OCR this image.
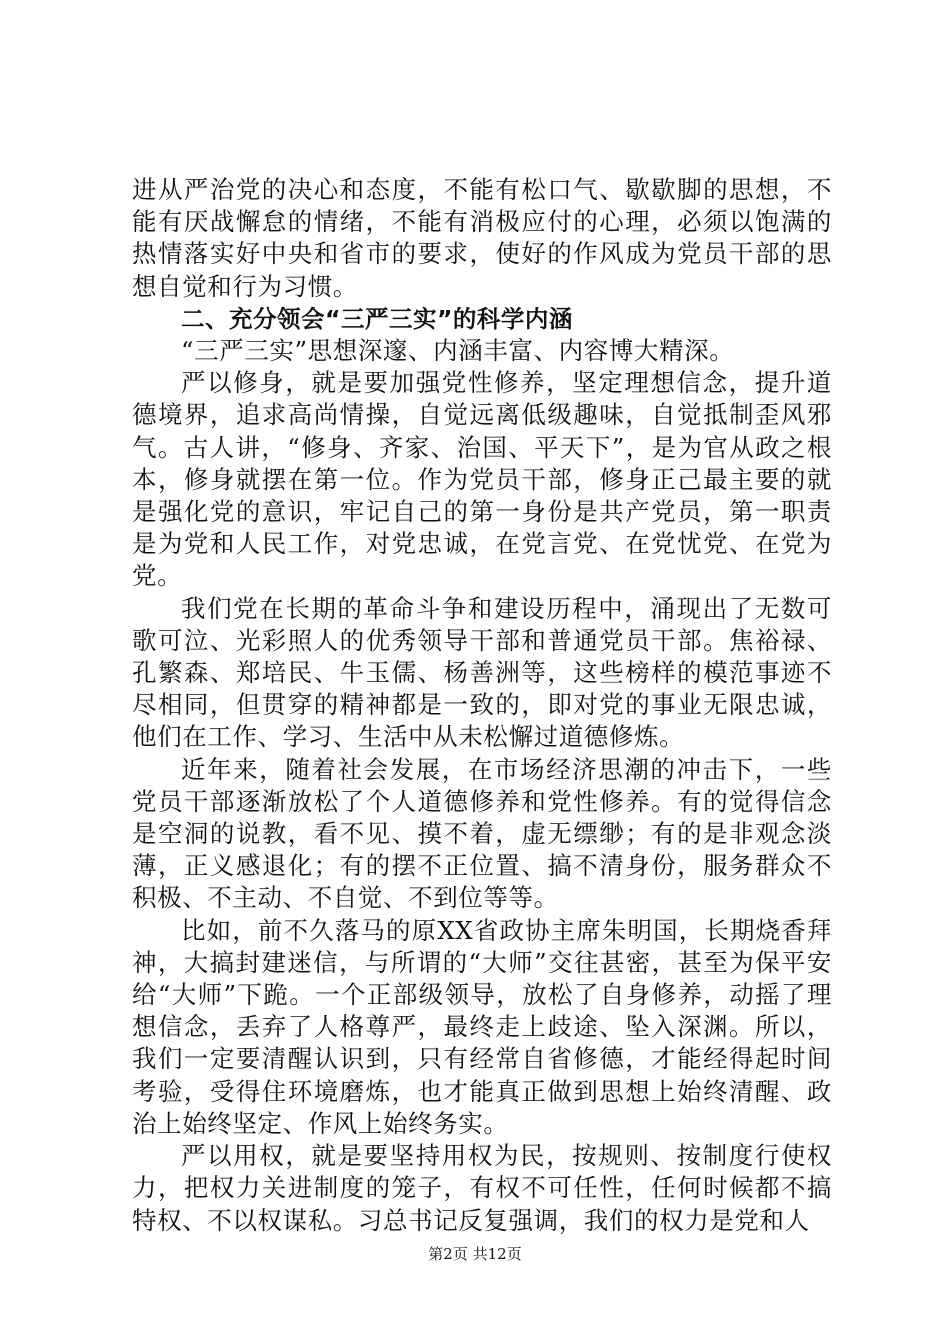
进从严治党的决心和态度，不能有松口气、歇歇脚的思想，不能有厌战懈怠的情绪，不能有消极应付的心理，必须以饱满的热情落实好中央和省市的要求，使好的作风成为党员干部的思想自觉和行为习惯。

二、充分领会“三严三实”的科学内涵

“三严三实”思想深邃、内涵丰富、内容博大精深。

严以修身，就是要加强党性修养，坚定理想信念，提升道德境界，追求高尚情操，自觉远离低级趣味，自觉抵制歪风邪气。古人讲，“修身、齐家、治国、平天下”，是为官从政之根本，修身就摆在第一位。作为党员干部，修身正己最主要的就是强化党的意识，牢记自己的第一身份是共产党员，第一职责是为党和人民工作，对党忠诚，在党言党、在党忧党、在党为党。

我们党在长期的革命斗争和建设历程中，涌现出了无数可歌可泣、光彩照人的优秀领导干部和普通党员干部。焦裕禄、孔繁森、郑培民、牛玉儒、杨善洲等，这些榜样的模范事迹不尽相同，但贯穿的精神都是一致的，即对党的事业无限忠诚，他们在工作、学习、生活中从未松懈过道德修炼。

近年来，随着社会发展，在市场经济思潮的冲击下，一些党员干部逐渐放松了个人道德修养和党性修养。有的觉得信念是空洞的说教，看不见、摸不着，虚无缥缈；有的是非观念淡薄，正义感退化；有的摆不正位置、搞不清身份，服务群众不积极、不主动、不自觉、不到位等等。

比如，前不久落马的原XX省政协主席朱明国，长期烧香拜神，大搞封建迷信，与所谓的“大师”交往甚密，甚至为保平安给“大师”下跪。一个正部级领导，放松了自身修养，动摇了理想信念，丢弃了人格尊严，最终走上歧途、坠入深渊。所以，我们一定要清醒认识到，只有经常自省修德，才能经得起时间考验，受得住环境磨炼，也才能真正做到思想上始终清醒、政治上始终坚定、作风上始终务实。

严以用权，就是要坚持用权为民，按规则、按制度行使权力，把权力关进制度的笼子，有权不可任性，任何时候都不搞特权、不以权谋私。习总书记反复强调，我们的权力是党和人

第2页 共12页
